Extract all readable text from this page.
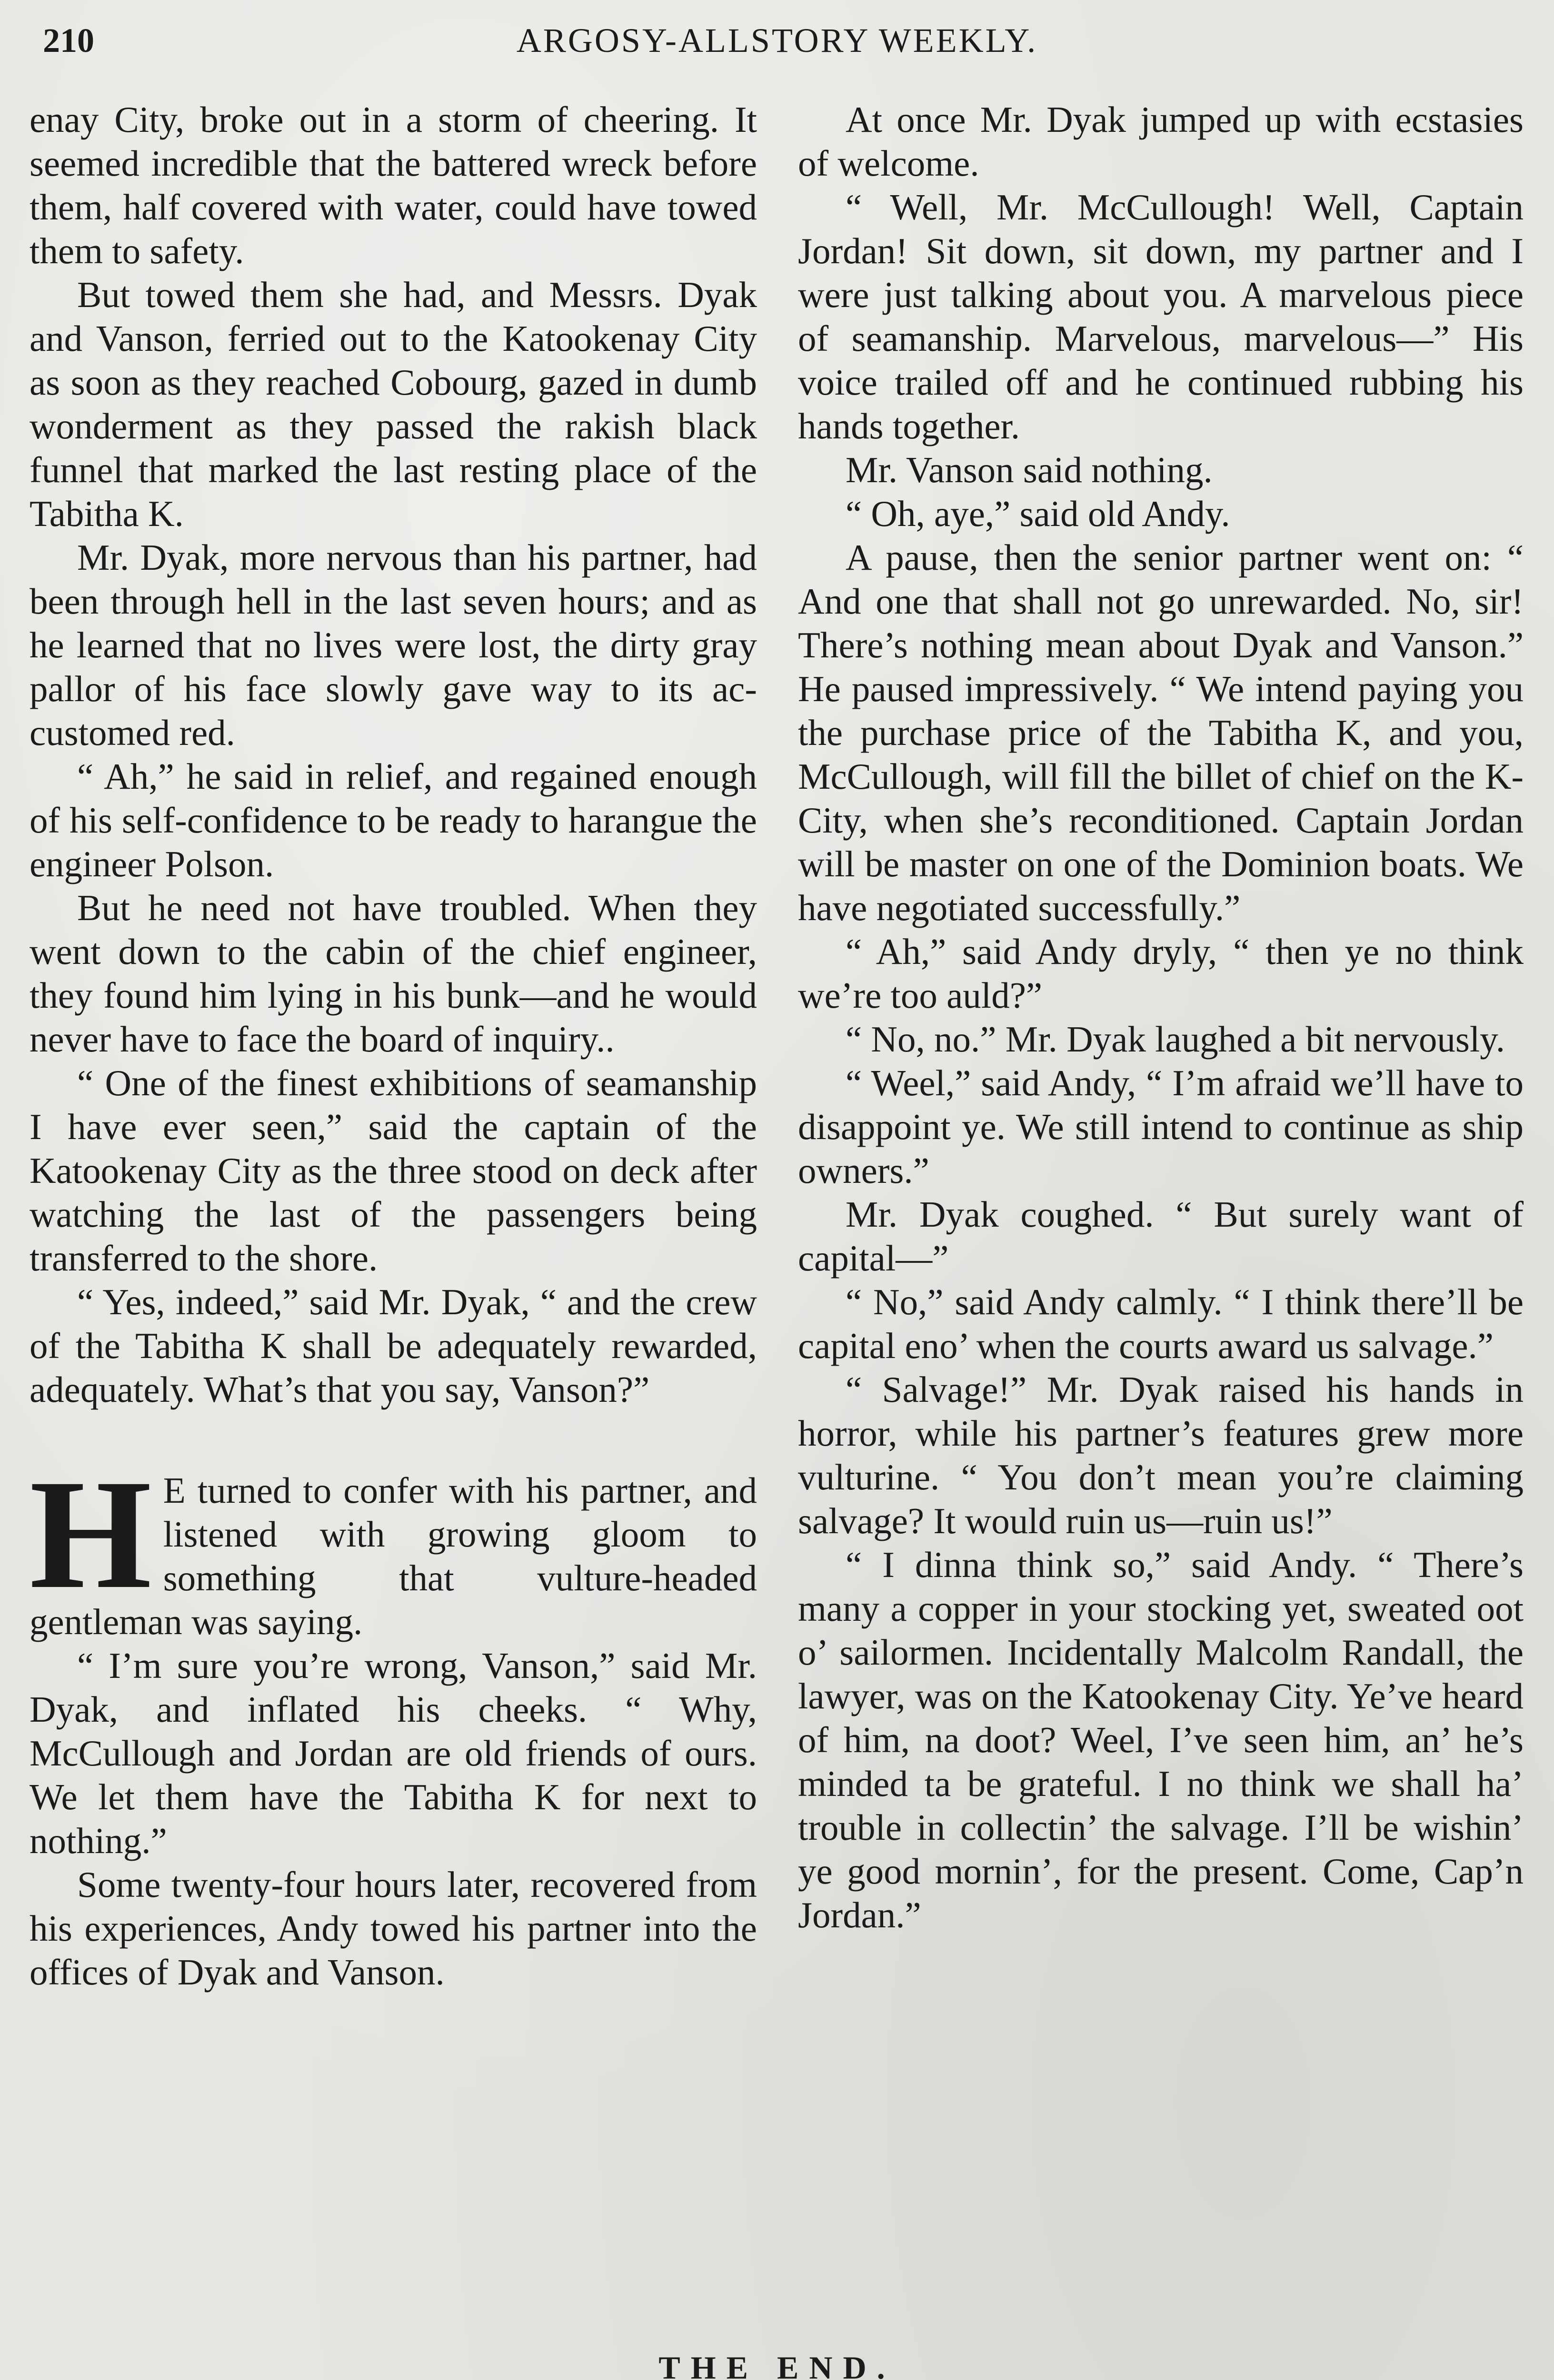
210	ARGOSY-ALLSTORY WEEKLY.

enay City, broke out in a storm of cheering. It seemed incredible that the battered wreck before them, half covered with water, could have towed them to safety.

But towed them she had, and Messrs. Dyak and Vanson, ferried out to the Katookenay City as soon as they reached Cobourg, gazed in dumb wonderment as they passed the rakish black funnel that marked the last resting place of the Tabitha K.

Mr. Dyak, more nervous than his partner, had been through hell in the last seven hours; and as he learned that no lives were lost, the dirty gray pallor of his face slowly gave way to its accustomed red.

“ Ah,” he said in relief, and regained enough of his self-confidence to be ready to harangue the engineer Polson.

But he need not have troubled. When they went down to the cabin of the chief engineer, they found him lying in his bunk—and he would never have to face the board of inquiry..

“ One of the finest exhibitions of seamanship I have ever seen,” said the captain of the Katookenay City as the three stood on deck after watching the last of the passengers being transferred to the shore.

“ Yes, indeed,” said Mr. Dyak, “ and the crew of the Tabitha K shall be adequately rewarded, adequately. What’s that you say, Vanson?”

H E turned to confer with his partner, and listened with growing gloom to something that vulture-headed gentleman was saying.

“ I’m sure you’re wrong, Vanson,” said Mr. Dyak, and inflated his cheeks. “ Why, McCullough and Jordan are old friends of ours. We let them have the Tabitha K for next to nothing.”

Some twenty-four hours later, recovered from his experiences, Andy towed his partner into the offices of Dyak and Vanson.

At once Mr. Dyak jumped up with ecstasies of welcome.

“ Well, Mr. McCullough! Well, Captain Jordan! Sit down, sit down, my partner and I were just talking about you. A marvelous piece of seamanship. Marvelous, marvelous—” His voice trailed off and he continued rubbing his hands together.

Mr. Vanson said nothing.

“ Oh, aye,” said old Andy.

A pause, then the senior partner went on: “ And one that shall not go unrewarded. No, sir! There’s nothing mean about Dyak and Vanson.” He paused impressively. “ We intend paying you the purchase price of the Tabitha K, and you, McCullough, will fill the billet of chief on the K-City, when she’s reconditioned. Captain Jordan will be master on one of the Dominion boats. We have negotiated successfully.”

“ Ah,” said Andy dryly, “ then ye no think we’re too auld?”

“ No, no.” Mr. Dyak laughed a bit nervously.

“ Weel,” said Andy, “ I’m afraid we’ll have to disappoint ye. We still intend to continue as ship owners.”

Mr. Dyak coughed. “ But surely want of capital—”

“ No,” said Andy calmly. “ I think there’ll be capital eno’ when the courts award us salvage.”

“ Salvage!” Mr. Dyak raised his hands in horror, while his partner’s features grew more vulturine. “ You don’t mean you’re claiming salvage? It would ruin us—ruin us!”

“ I dinna think so,” said Andy. “ There’s many a copper in your stocking yet, sweated oot o’ sailormen. Incidentally Malcolm Randall, the lawyer, was on the Katookenay City. Ye’ve heard of him, na doot? Weel, I’ve seen him, an’ he’s minded ta be grateful. I no think we shall ha’ trouble in collectin’ the salvage. I’ll be wishin’ ye good mornin’, for the present. Come, Cap’n Jordan.”

THE END.
